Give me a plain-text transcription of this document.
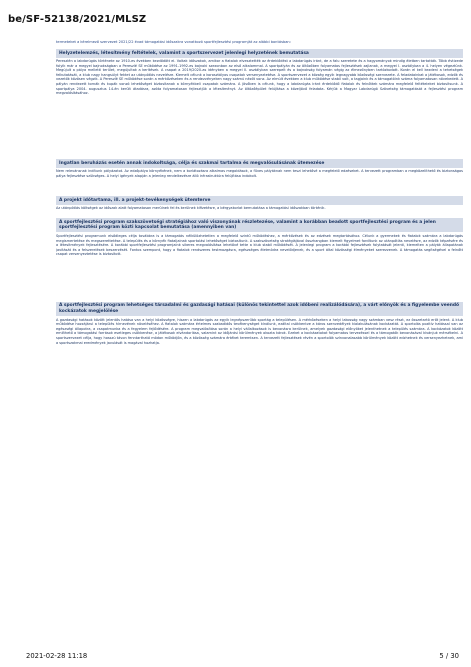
be/SF-52138/2021/MLSZ
termeteket a kérelmező szervezet 2021/22 évad támogatási időszakra vonatkozó sportfejlesztési programját az alábbi bontásban:
Helyzetelemzés, létesítmény feltételek, valamint a sportszervezet jelenlegi helyzetének bemutatása
Pereszlén a labdarúgás története az 1910-es években kezdődött el. Voltak időszakok, amikor a fiatalok elvesztették az érdeklődést a labdarúgás iránt, de a falu szeretete és a hagyományok mindig életben tartották. Több évtizede folyik már a megyei bajnokságban a Pereszlé SE működése az 1991-1992-es bajnoki szezonban az első alkalommal. A sportpályán és az öltözőben folyamatos fejlesztések zajlanak, a megyei I. osztályban a 4. helyen végeztünk. Megújult a pálya melletti terület, megújultak a kerítések. A csapat a 2019/2020-as idényben a megyei II. osztályban szerepelt és a bajnokság folyamán végig az élmezőnyben tartózkodott. Korán el kell kezdeni a tehetségek felkutatását, a klub nagy hangsúlyt fektet az utánpótlás nevelésre. Kiemelt célunk a korosztályos csapatok versenyeztetése. A sportszervezet a község egyik legnagyobb közösségi szervezete. A feladatainkat a játékosok, edzők és vezetők közösen végzik. A Pereszlé SE működése során a mérkőzéseken és a rendezvényeken nagy számú nézőt vonz. Az elmúlt években a klub működése stabil volt, a tagjaink és a támogatóink száma folyamatosan növekedett. A pályán rendezett tornák és kupák vonzó lehetőséget biztosítanak a környékbeli csapatok számára. A jövőben is célunk, hogy a labdarúgás iránt érdeklődő fiatalok és felnőttek számára megfelelő feltételeket biztosítsunk. A sportpálya 2004. augusztus 14-én került átadásra, azóta folyamatosan fejlesztjük a létesítményt. Az öltözőépület felújítása a közeljövő feladata. Kérjük a Magyar Labdarúgó Szövetség támogatását a fejlesztési program megvalósításához.
Ingatlan beruházás esetén annak indokoltsága, célja és szakmai tartalma és megvalósulásának ütemezése
Nem relevánsnak indítunk pályázatot. Az edzőpálya környékének, nem a korlátozásra alkalmas megoldások, a fűves pályáknak nem teszi lehetővé a megfelelő edzéseket. A tervezett programban a megközelíthető és biztonságos pálya fejlesztése szükséges. A helyi igények alapján a jelenleg rendelkezésre álló infrastruktúra felújítása indokolt.
A projekt időtartama, ill. a projekt-tevékenységek ütemterve
Az utánpótlás költségek az időszak alatt folyamatosan merülnek fel és kerülnek kifizetésre, a bérgyakorlat bemutatása a támogatási időszakban történik.
A sportfejlesztési program szakszövetségi stratégiához való viszonyának részletezése, valamint a korábban beadott sportfejlesztési program és a jelen sportfejlesztési program közti kapcsolat bemutatása (amennyiben van)
Sportfejlesztési programunk elsődleges célja továbbra is a támogatás nélkülözhetetlen a megfelelő szintű működéshez, a mérkőzések és az edzések megtartásához. Célunk a gyermekek és fiatalok számára a labdarúgás megismertetése és megszerettetése. A település és a környék fiataljainak sportolási lehetőséget biztosítunk. A szakszövetség stratégiájával összhangban kiemelt figyelmet fordítunk az utánpótlás nevelésre, az edzők képzésére és a létesítmények fejlesztésére. A korábbi sportfejlesztési programjaink sikeres megvalósítása lehetővé tette a klub stabil működését. A jelenlegi program a korábbi fejlesztések folytatását jelenti, kiemelten a pályák állapotának javítását és a felszerelések beszerzését. Fontos szempont, hogy a fiatalok rendszeres testmozgásra, egészséges életmódra nevelődjenek, és a sport által közösségi élményeket szerezzenek. A támogatás segítségével a felnőtt csapat versenyeztetése is biztosított.
A sportfejlesztési program lehetséges társadalmi és gazdasági hatásai (különös tekintettel azok időbeni realizálódására), a várt előnyök és a figyelembe veendő kockázatok megjelölése
A gazdasági hatások között jelentős hatása van a helyi közösségre, hiszen a labdarúgás az egyik legnépszerűbb sportág a településen. A mérkőzéseken a helyi lakosság nagy számban vesz részt, ez összetartó erőt jelent. A klub működése hozzájárul a település hírnevének növeléséhez. A fiatalok számára értelmes szabadidős tevékenységet kínálunk, ezáltal csökkentve a káros szenvedélyek kialakulásának kockázatát. A sportolás pozitív hatással van az egészségi állapotra, a csapatmunka és a fegyelem fejlődésére. A program megvalósítása során a helyi vállalkozások is bevonásra kerülnek, amelyek gazdasági előnyöket jelenthetnek a település számára. A kockázatok között említhető a támogatási források esetleges csökkenése, a játékosok elvándorlása, valamint az időjárási körülmények okozta károk. Ezeket a kockázatokat folyamatos tervezéssel és a támogatók bevonásával kívánjuk mérsékelni. A sportszervezet célja, hogy hosszú távon fenntartható módon működjön, és a közösség számára értéket teremtsen. A tervezett fejlesztések révén a sportolók színvonalasabb körülmények között edzhetnek és versenyezhetnek, ami a sportszakmai eredmények javulását is magával hozhatja.
2021-02-28 11:18	5 / 30
